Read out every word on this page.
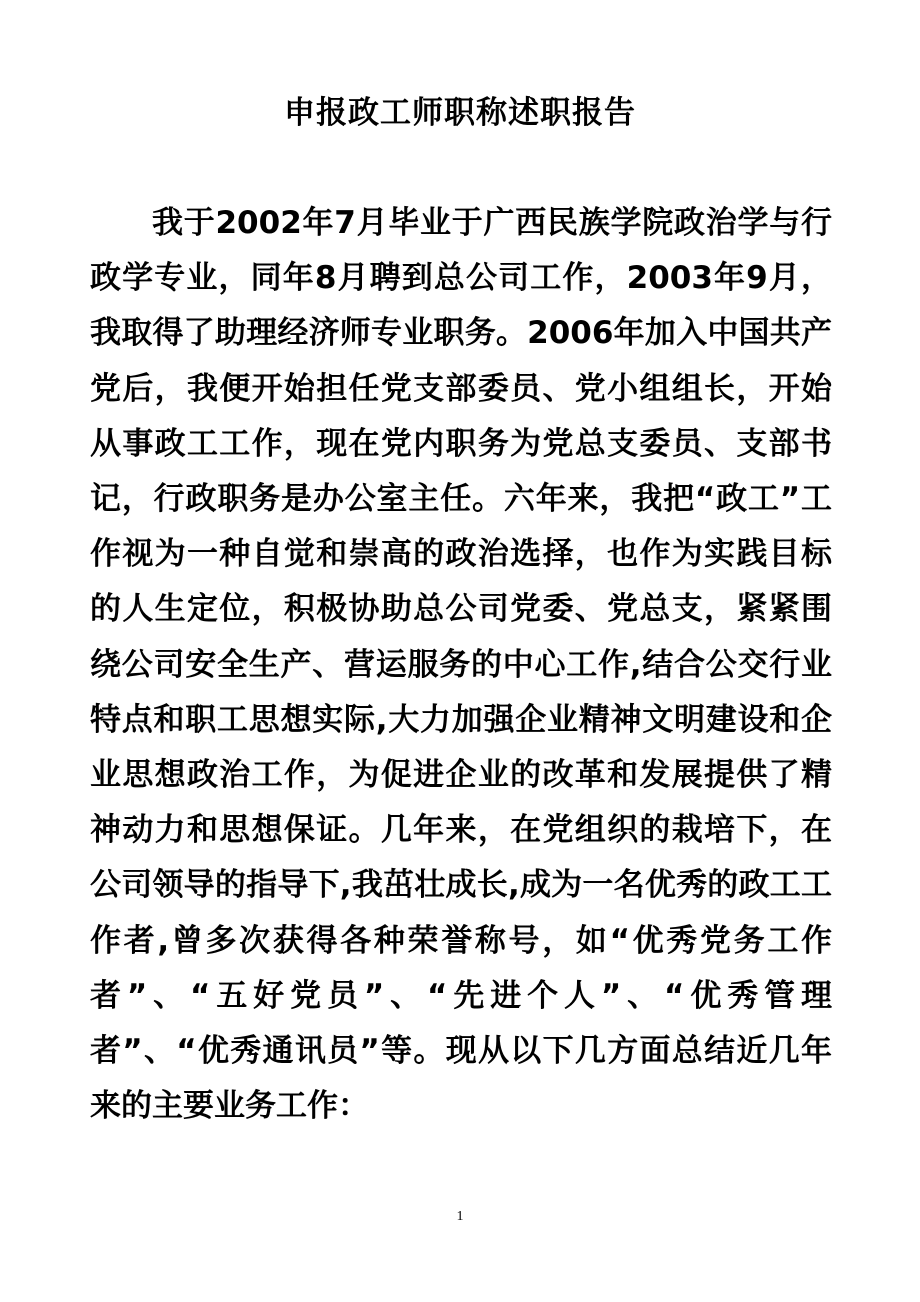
申报政工师职称述职报告

我于2002年7月毕业于广西民族学院政治学与行政学专业，同年8月聘到总公司工作，2003年9月，我取得了助理经济师专业职务。2006年加入中国共产党后，我便开始担任党支部委员、党小组组长，开始从事政工工作，现在党内职务为党总支委员、支部书记，行政职务是办公室主任。六年来，我把“政工”工作视为一种自觉和崇高的政治选择，也作为实践目标的人生定位，积极协助总公司党委、党总支，紧紧围绕公司安全生产、营运服务的中心工作,结合公交行业特点和职工思想实际,大力加强企业精神文明建设和企业思想政治工作，为促进企业的改革和发展提供了精神动力和思想保证。几年来，在党组织的栽培下，在公司领导的指导下,我茁壮成长,成为一名优秀的政工工作者,曾多次获得各种荣誉称号，如“优秀党务工作者”、“五好党员”、“先进个人”、“优秀管理者”、“优秀通讯员”等。现从以下几方面总结近几年来的主要业务工作：

1
